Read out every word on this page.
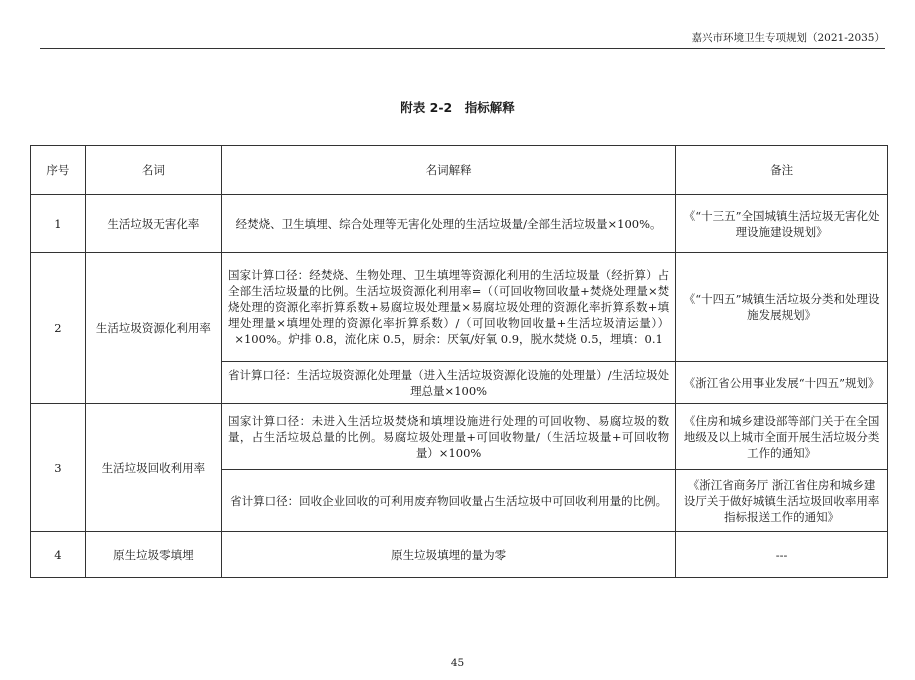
嘉兴市环境卫生专项规划（2021-2035）
附表 2-2　指标解释
序号	名词	名词解释	备注
1	生活垃圾无害化率	经焚烧、卫生填埋、综合处理等无害化处理的生活垃圾量/全部生活垃圾量×100%。	《“十三五”全国城镇生活垃圾无害化处理设施建设规划》
2	生活垃圾资源化利用率	国家计算口径：经焚烧、生物处理、卫生填埋等资源化利用的生活垃圾量（经折算）占全部生活垃圾量的比例。生活垃圾资源化利用率=（（可回收物回收量+焚烧处理量×焚烧处理的资源化率折算系数+易腐垃圾处理量×易腐垃圾处理的资源化率折算系数+填埋处理量×填埋处理的资源化率折算系数）/（可回收物回收量+生活垃圾清运量））×100%。炉排 0.8，流化床 0.5，厨余：厌氧/好氧 0.9，脱水焚烧 0.5，埋填：0.1	《“十四五”城镇生活垃圾分类和处理设施发展规划》
		省计算口径：生活垃圾资源化处理量（进入生活垃圾资源化设施的处理量）/生活垃圾处理总量×100%	《浙江省公用事业发展“十四五”规划》
3	生活垃圾回收利用率	国家计算口径：未进入生活垃圾焚烧和填埋设施进行处理的可回收物、易腐垃圾的数量，占生活垃圾总量的比例。易腐垃圾处理量+可回收物量/（生活垃圾量+可回收物量）×100%	《住房和城乡建设部等部门关于在全国地级及以上城市全面开展生活垃圾分类工作的通知》
		省计算口径：回收企业回收的可利用废弃物回收量占生活垃圾中可回收利用量的比例。	《浙江省商务厅 浙江省住房和城乡建设厅关于做好城镇生活垃圾回收率用率指标报送工作的通知》
4	原生垃圾零填埋	原生垃圾填埋的量为零	---
45
